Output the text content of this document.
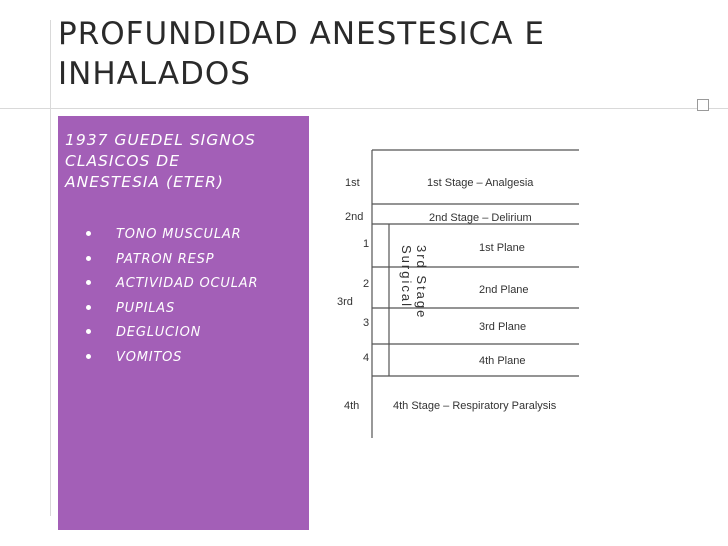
PROFUNDIDAD ANESTESICA E
INHALADOS
1937 GUEDEL SIGNOS
CLASICOS DE
ANESTESIA (ETER)
TONO MUSCULAR
PATRON RESP
ACTIVIDAD OCULAR
PUPILAS
DEGLUCION
VOMITOS
1st
2nd
3rd
4th
1st Stage – Analgesia
2nd Stage – Delirium
4th Stage – Respiratory Paralysis
1
2
3
4
1st Plane
2nd Plane
3rd Plane
4th Plane
3rd Stage
Surgical
